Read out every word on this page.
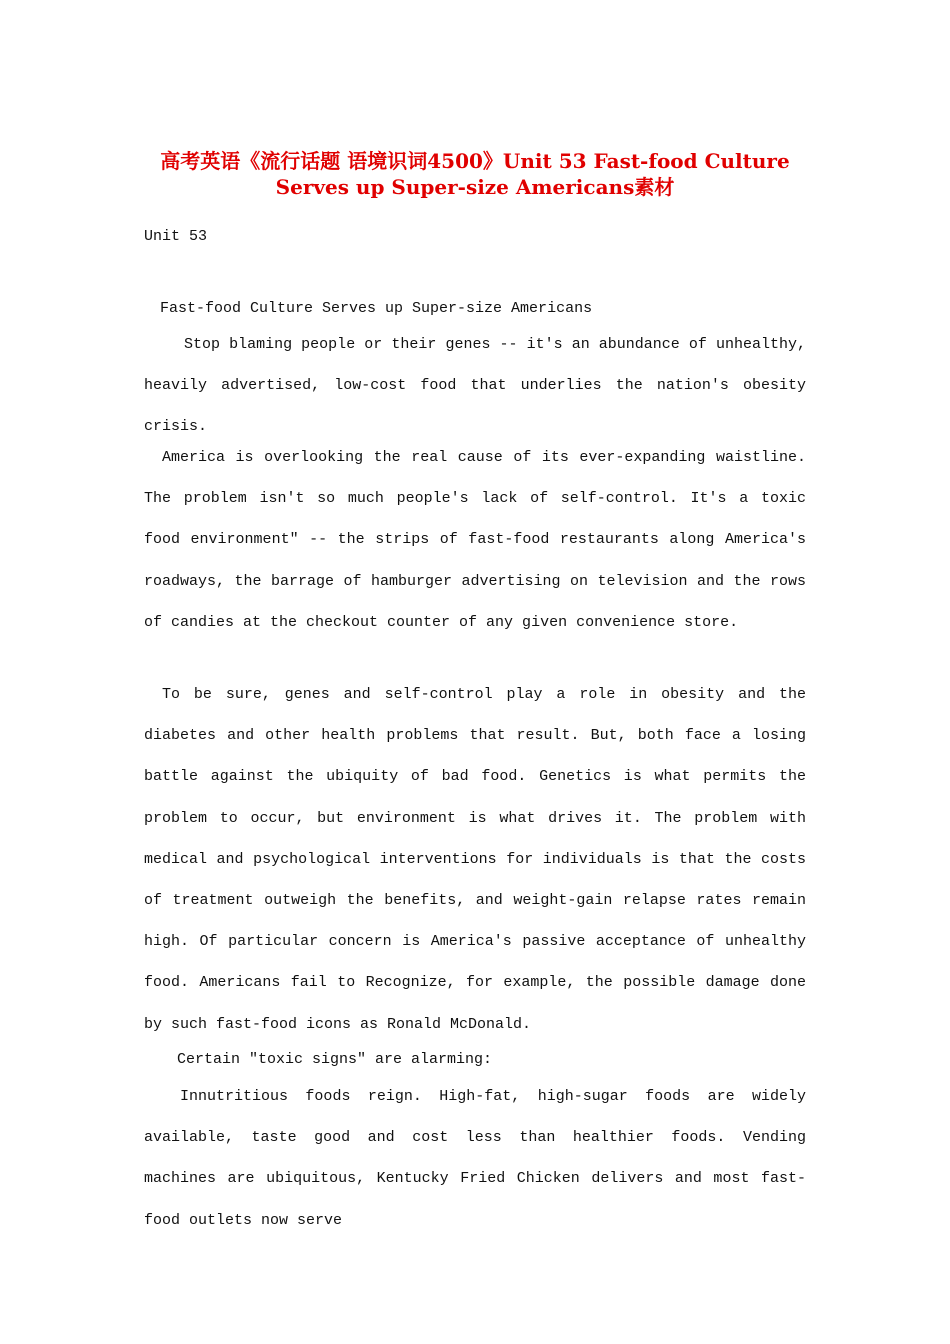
高考英语《流行话题 语境识词4500》Unit 53 Fast-food Culture Serves up Super-size Americans素材
Unit 53
Fast-food Culture Serves up Super-size Americans

Stop blaming people or their genes -- it's an abundance of unhealthy, heavily advertised, low-cost food that underlies the nation's obesity crisis.

America is overlooking the real cause of its ever-expanding waistline. The problem isn't so much people's lack of self-control. It's a toxic food environment" -- the strips of fast-food restaurants along America's roadways, the barrage of hamburger advertising on television and the rows of candies at the checkout counter of any given convenience store.

To be sure, genes and self-control play a role in obesity and the diabetes and other health problems that result. But, both face a losing battle against the ubiquity of bad food. Genetics is what permits the problem to occur, but environment is what drives it. The problem with medical and psychological interventions for individuals is that the costs of treatment outweigh the benefits, and weight-gain relapse rates remain high. Of particular concern is America's passive acceptance of unhealthy food. Americans fail to Recognize, for example, the possible damage done by such fast-food icons as Ronald McDonald.

Certain "toxic signs" are alarming:

Innutritious foods reign. High-fat, high-sugar foods are widely available, taste good and cost less than healthier foods. Vending machines are ubiquitous, Kentucky Fried Chicken delivers and most fast-food outlets now serve
